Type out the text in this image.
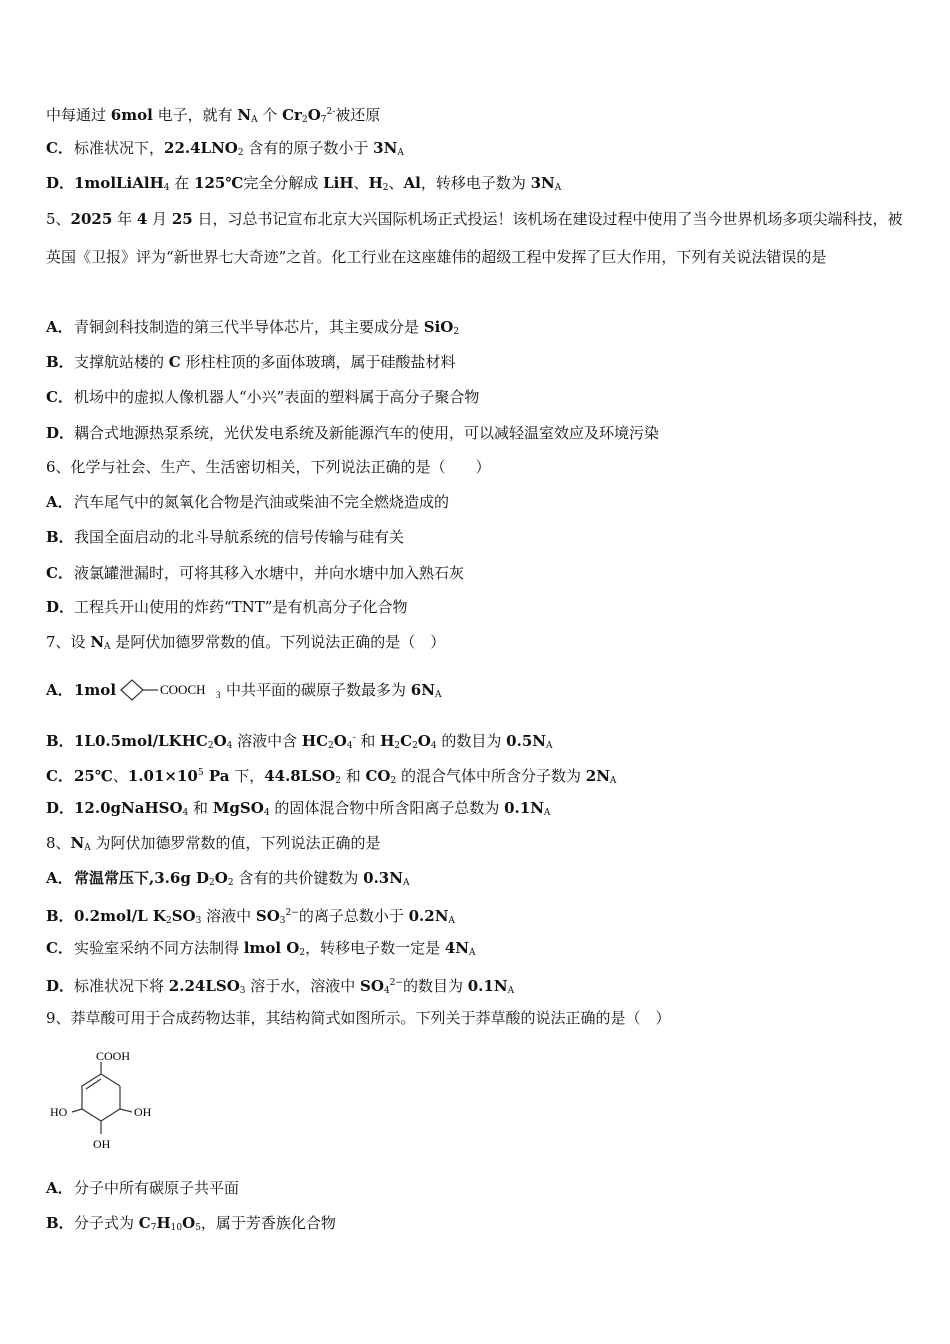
中每通过 6mol 电子，就有 $N_A$ 个 $Cr_2O_7^{2-}$被还原
C．标准状况下，$22.4LNO_2$ 含有的原子数小于 $3N_A$
D．1molLiAlH$_4$ 在 125℃完全分解成 LiH、$H_2$、Al，转移电子数为 $3N_A$
5、2025 年 4 月 25 日，习总书记宣布北京大兴国际机场正式投运！该机场在建设过程中使用了当今世界机场多项尖端科技，被英国《卫报》评为“新世界七大奇迹”之首。化工行业在这座雄伟的超级工程中发挥了巨大作用，下列有关说法错误的是
A．青铜剑科技制造的第三代半导体芯片，其主要成分是 SiO$_2$
B．支撑航站楼的 C 形柱柱顶的多面体玻璃，属于硅酸盐材料
C．机场中的虚拟人像机器人“小兴”表面的塑料属于高分子聚合物
D．耦合式地源热泵系统，光伏发电系统及新能源汽车的使用，可以减轻温室效应及环境污染
6、化学与社会、生产、生活密切相关，下列说法正确的是（　　）
A．汽车尾气中的氮氧化合物是汽油或柴油不完全燃烧造成的
B．我国全面启动的北斗导航系统的信号传输与硅有关
C．液氯罐泄漏时，可将其移入水塘中，并向水塘中加入熟石灰
D．工程兵开山使用的炸药“TNT”是有机高分子化合物
7、设 $N_A$ 是阿伏加德罗常数的值。下列说法正确的是（　）
A．1mol	COOCH 3 中共平面的碳原子数最多为 $6N_A$
B．$1L0.5mol/LKHC_2O_4$ 溶液中含 $HC_2O_4^-$ 和 $H_2C_2O_4$ 的数目为 $0.5N_A$
C．25℃、$1.01\times 10^5$ Pa 下，$44.8LSO_2$ 和 $CO_2$ 的混合气体中所含分子数为 $2N_A$
D．12.0gNaHSO$_4$ 和 MgSO$_4$ 的固体混合物中所含阳离子总数为 $0.1N_A$
8、$N_A$ 为阿伏加德罗常数的值，下列说法正确的是
A．常温常压下,3.6g $D_2O_2$ 含有的共价键数为 $0.3N_A$
B．0.2mol/L $K_2SO_3$ 溶液中 $SO_3^{2-}$的离子总数小于 $0.2N_A$
C．实验室采纳不同方法制得 lmol $O_2$，转移电子数一定是 $4N_A$
D．标准状况下将 $2.24LSO_3$ 溶于水，溶液中 $SO_4^{2-}$的数目为 $0.1N_A$
9、莽草酸可用于合成药物达菲，其结构简式如图所示。下列关于莽草酸的说法正确的是（　）
COOH
HO	OH
OH
A．分子中所有碳原子共平面
B．分子式为 $C_7H_{10}O_5$，属于芳香族化合物
